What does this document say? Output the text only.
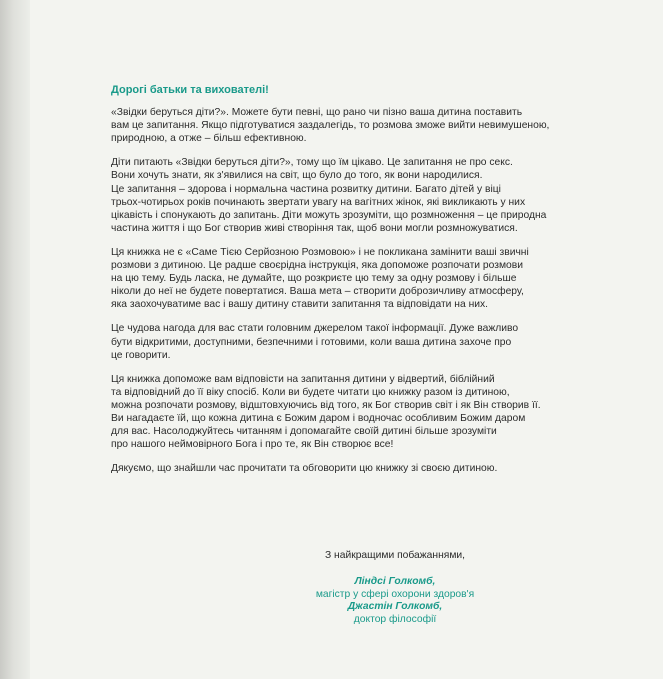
Дорогі батьки та вихователі!

«Звідки беруться діти?». Можете бути певні, що рано чи пізно ваша дитина поставить
вам це запитання. Якщо підготуватися заздалегідь, то розмова зможе вийти невимушеною,
природною, а отже – більш ефективною.

Діти питають «Звідки беруться діти?», тому що їм цікаво. Це запитання не про секс.
Вони хочуть знати, як з'явилися на світ, що було до того, як вони народилися.
Це запитання – здорова і нормальна частина розвитку дитини. Багато дітей у віці
трьох-чотирьох років починають звертати увагу на вагітних жінок, які викликають у них
цікавість і спонукають до запитань. Діти можуть зрозуміти, що розмноження – це природна
частина життя і що Бог створив живі створіння так, щоб вони могли розмножуватися.

Ця книжка не є «Саме Тією Серйозною Розмовою» і не покликана замінити ваші звичні
розмови з дитиною. Це радше своєрідна інструкція, яка допоможе розпочати розмови
на цю тему. Будь ласка, не думайте, що розкриєте цю тему за одну розмову і більше
ніколи до неї не будете повертатися. Ваша мета – створити доброзичливу атмосферу,
яка заохочуватиме вас і вашу дитину ставити запитання та відповідати на них.

Це чудова нагода для вас стати головним джерелом такої інформації. Дуже важливо
бути відкритими, доступними, безпечними і готовими, коли ваша дитина захоче про
це говорити.

Ця книжка допоможе вам відповісти на запитання дитини у відвертий, біблійний
та відповідний до її віку спосіб. Коли ви будете читати цю книжку разом із дитиною,
можна розпочати розмову, відштовхуючись від того, як Бог створив світ і як Він створив її.
Ви нагадаєте їй, що кожна дитина є Божим даром і водночас особливим Божим даром
для вас. Насолоджуйтесь читанням і допомагайте своїй дитині більше зрозуміти
про нашого неймовірного Бога і про те, як Він створює все!

Дякуємо, що знайшли час прочитати та обговорити цю книжку зі своєю дитиною.

З найкращими побажаннями,
Ліндсі Голкомб,
магістр у сфері охорони здоров'я
Джастін Голкомб,
доктор філософії
